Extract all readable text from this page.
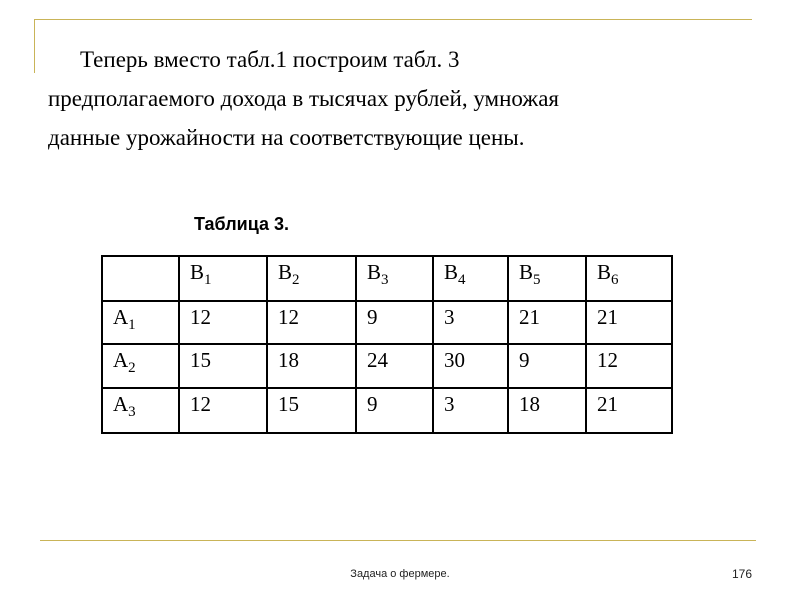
Теперь вместо табл.1 построим табл. 3
предполагаемого дохода в тысячах рублей, умножая
данные урожайности на соответствующие цены.
Таблица 3.
	$B_1$	$B_2$	$B_3$	$B_4$	$B_5$	$B_6$
$A_1$	12	12	9	3	21	21
$A_2$	15	18	24	30	9	12
$A_3$	12	15	9	3	18	21
Задача о фермере.	176
